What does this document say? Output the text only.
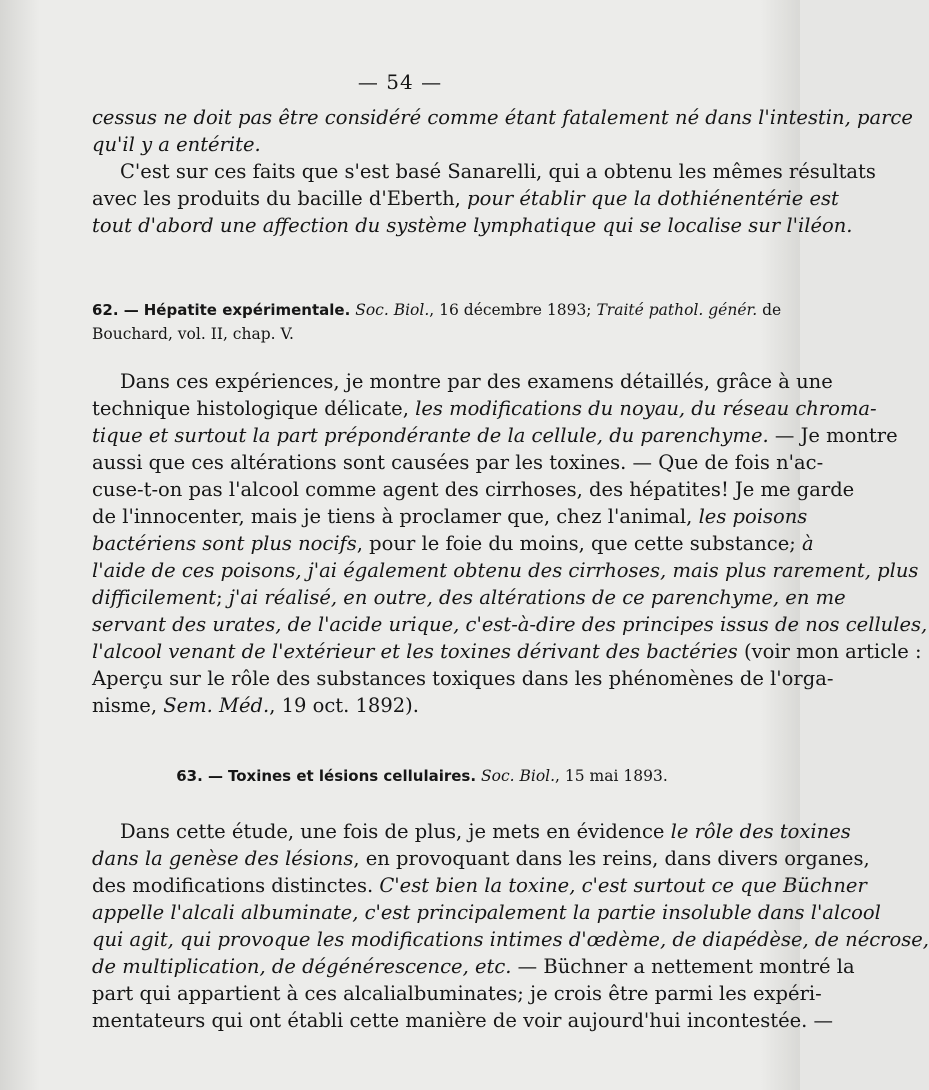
— 54 —
cessus ne doit pas être considéré comme étant fatalement né dans l'intestin, parce
qu'il y a entérite.
C'est sur ces faits que s'est basé Sanarelli, qui a obtenu les mêmes résultats
avec les produits du bacille d'Eberth, pour établir que la dothiénentérie est
tout d'abord une affection du système lymphatique qui se localise sur l'iléon.
62. — Hépatite expérimentale. Soc. Biol., 16 décembre 1893; Traité pathol. génér. de
Bouchard, vol. II, chap. V.
Dans ces expériences, je montre par des examens détaillés, grâce à une
technique histologique délicate, les modifications du noyau, du réseau chroma-
tique et surtout la part prépondérante de la cellule, du parenchyme. — Je montre
aussi que ces altérations sont causées par les toxines. — Que de fois n'ac-
cuse-t-on pas l'alcool comme agent des cirrhoses, des hépatites! Je me garde
de l'innocenter, mais je tiens à proclamer que, chez l'animal, les poisons
bactériens sont plus nocifs, pour le foie du moins, que cette substance; à
l'aide de ces poisons, j'ai également obtenu des cirrhoses, mais plus rarement, plus
difficilement; j'ai réalisé, en outre, des altérations de ce parenchyme, en me
servant des urates, de l'acide urique, c'est-à-dire des principes issus de nos cellules,
l'alcool venant de l'extérieur et les toxines dérivant des bactéries (voir mon article :
Aperçu sur le rôle des substances toxiques dans les phénomènes de l'orga-
nisme, Sem. Méd., 19 oct. 1892).
63. — Toxines et lésions cellulaires. Soc. Biol., 15 mai 1893.
Dans cette étude, une fois de plus, je mets en évidence le rôle des toxines
dans la genèse des lésions, en provoquant dans les reins, dans divers organes,
des modifications distinctes. C'est bien la toxine, c'est surtout ce que Büchner
appelle l'alcali albuminate, c'est principalement la partie insoluble dans l'alcool
qui agit, qui provoque les modifications intimes d'œdème, de diapédèse, de nécrose,
de multiplication, de dégénérescence, etc. — Büchner a nettement montré la
part qui appartient à ces alcalialbuminates; je crois être parmi les expéri-
mentateurs qui ont établi cette manière de voir aujourd'hui incontestée. —
